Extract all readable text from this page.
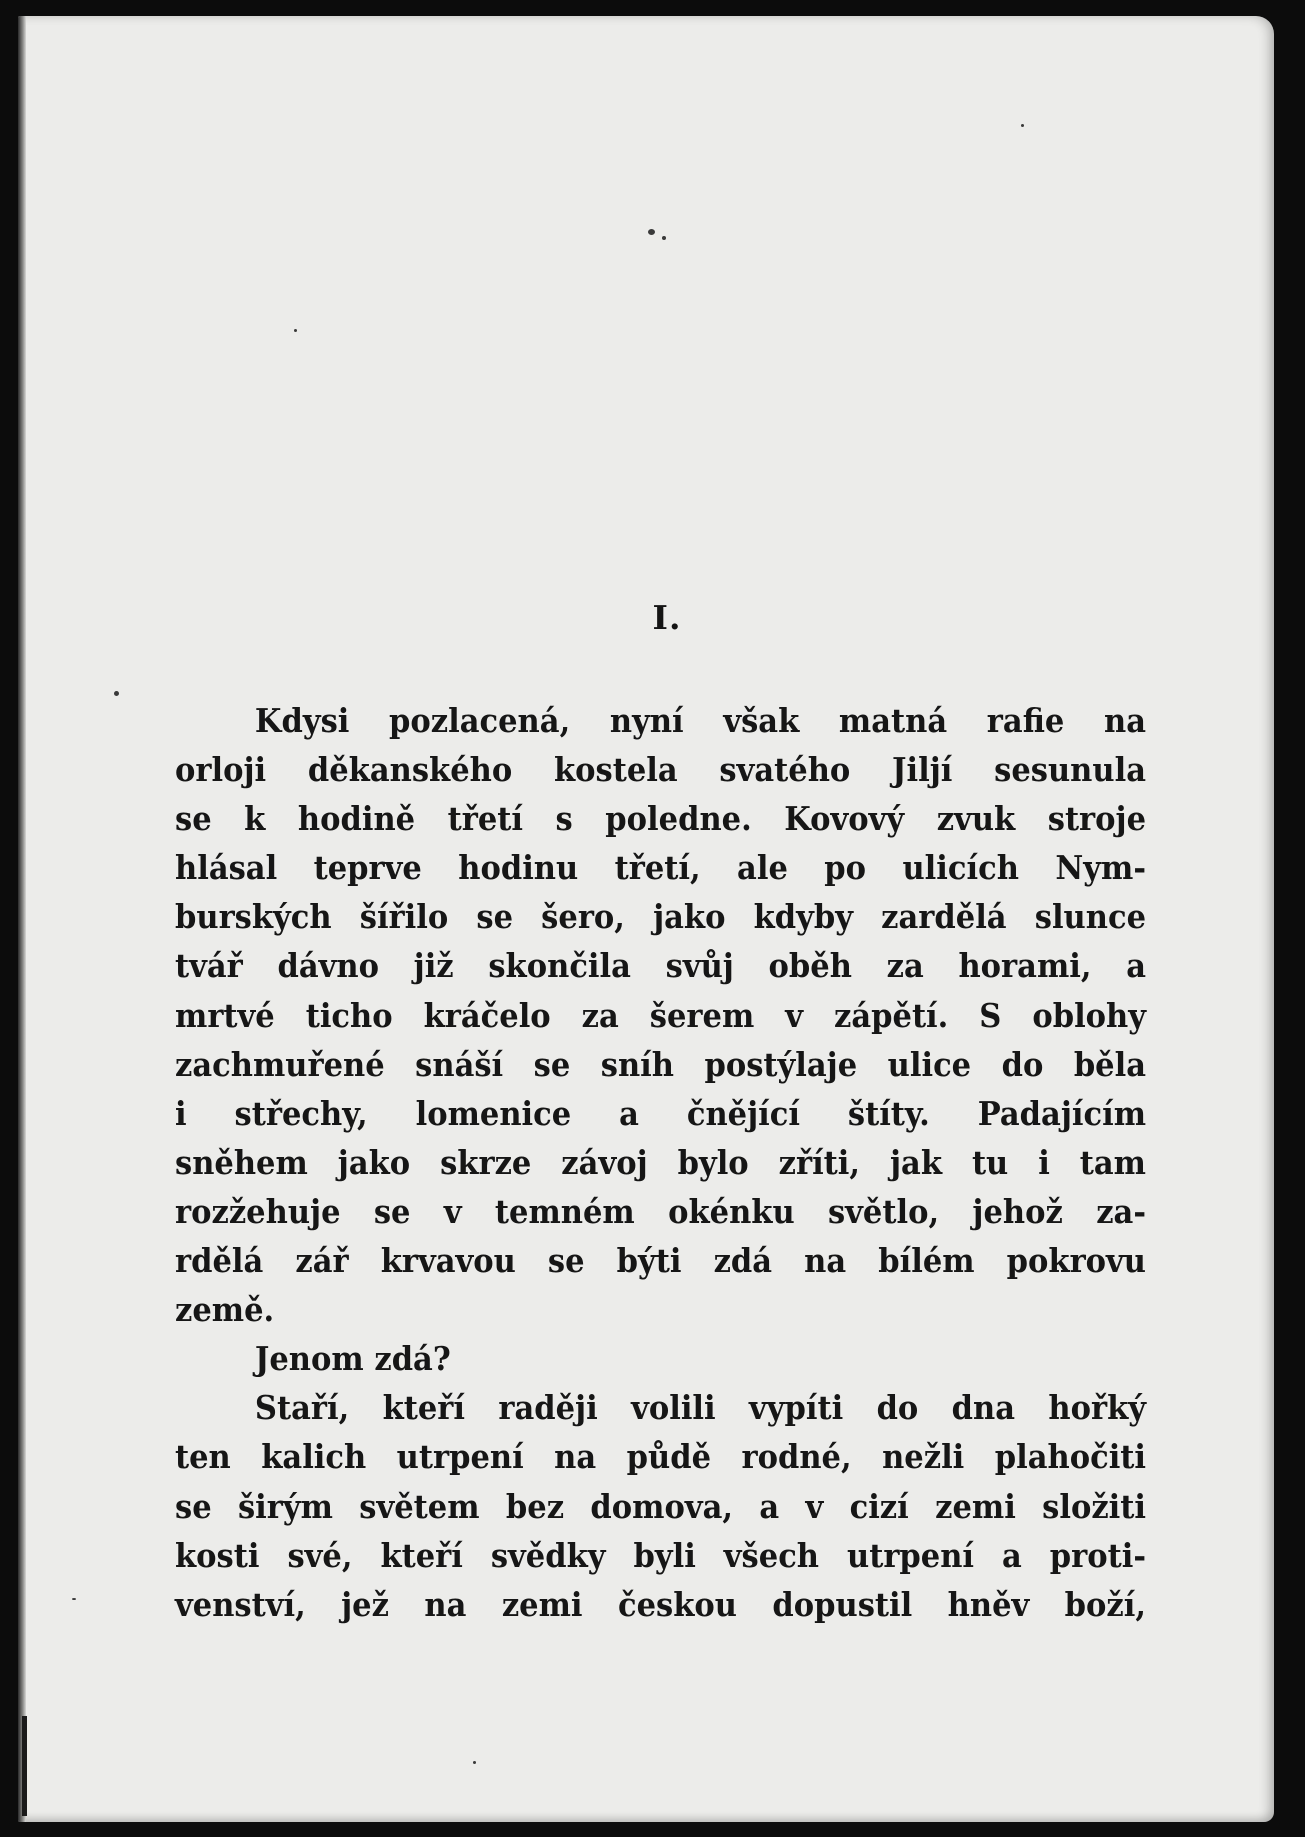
I.
Kdysi pozlacená, nyní však matná rafie na
orloji děkanského kostela svatého Jiljí sesunula
se k hodině třetí s poledne. Kovový zvuk stroje
hlásal teprve hodinu třetí, ale po ulicích Nym-
burských šířilo se šero, jako kdyby zardělá slunce
tvář dávno již skončila svůj oběh za horami, a
mrtvé ticho kráčelo za šerem v zápětí. S oblohy
zachmuřené snáší se sníh postýlaje ulice do běla
i střechy, lomenice a čnějící štíty. Padajícím
sněhem jako skrze závoj bylo zříti, jak tu i tam
rozžehuje se v temném okénku světlo, jehož za-
rdělá zář krvavou se býti zdá na bílém pokrovu
země.
Jenom zdá?
Staří, kteří raději volili vypíti do dna hořký
ten kalich utrpení na půdě rodné, nežli plahočiti
se širým světem bez domova, a v cizí zemi složiti
kosti své, kteří svědky byli všech utrpení a proti-
venství, jež na zemi českou dopustil hněv boží,
